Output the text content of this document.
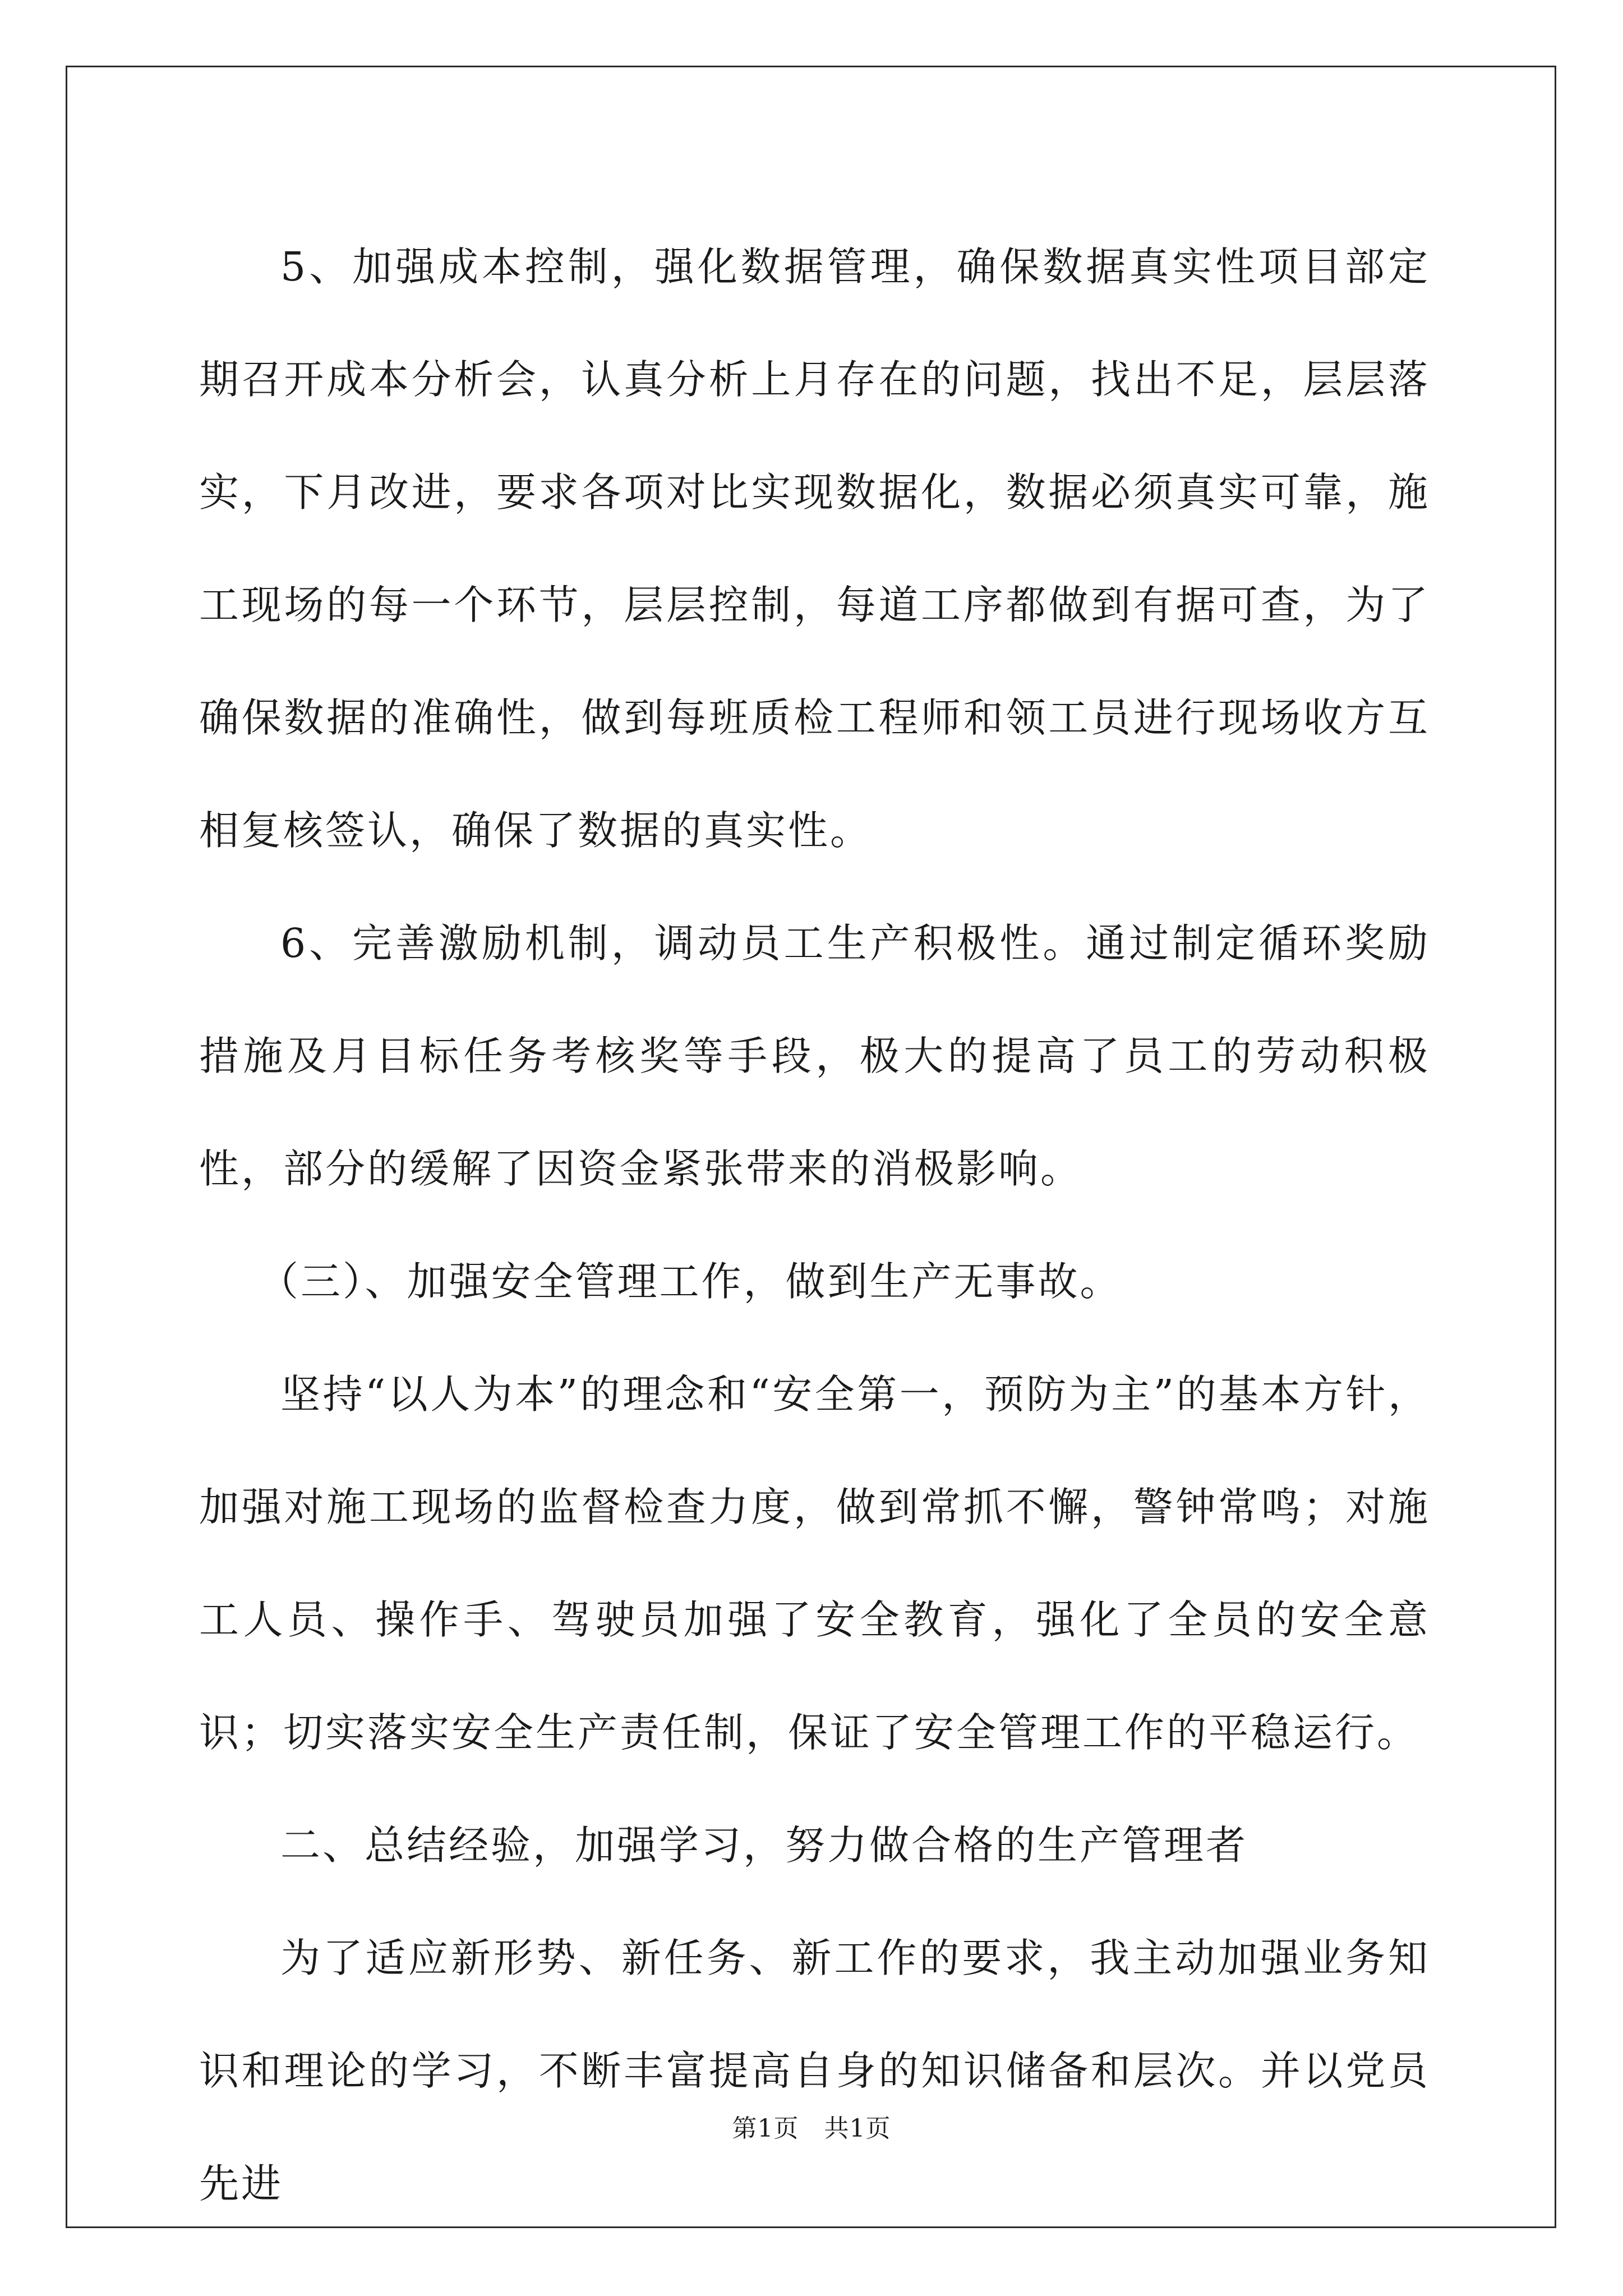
5、加强成本控制，强化数据管理，确保数据真实性项目部定期召开成本分析会，认真分析上月存在的问题，找出不足，层层落实，下月改进，要求各项对比实现数据化，数据必须真实可靠，施工现场的每一个环节，层层控制，每道工序都做到有据可查，为了确保数据的准确性，做到每班质检工程师和领工员进行现场收方互相复核签认，确保了数据的真实性。

6、完善激励机制，调动员工生产积极性。通过制定循环奖励措施及月目标任务考核奖等手段，极大的提高了员工的劳动积极性，部分的缓解了因资金紧张带来的消极影响。

（三）、加强安全管理工作，做到生产无事故。

坚持“以人为本”的理念和“安全第一，预防为主”的基本方针，加强对施工现场的监督检查力度，做到常抓不懈，警钟常鸣；对施工人员、操作手、驾驶员加强了安全教育，强化了全员的安全意识；切实落实安全生产责任制，保证了安全管理工作的平稳运行。

二、总结经验，加强学习，努力做合格的生产管理者

为了适应新形势、新任务、新工作的要求，我主动加强业务知识和理论的学习，不断丰富提高自身的知识储备和层次。并以党员先进

第1页　共1页
